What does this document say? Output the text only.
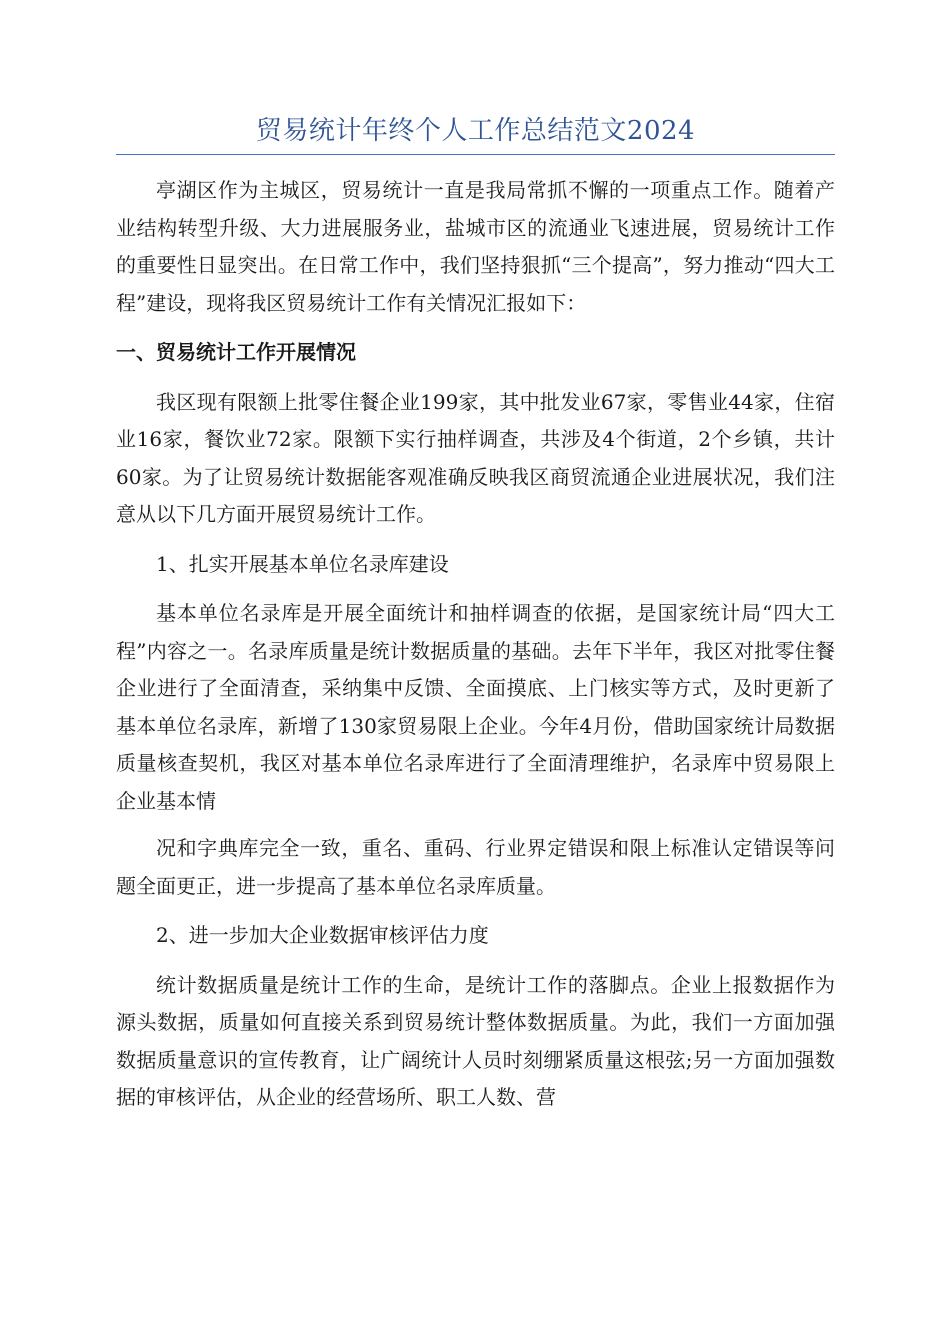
贸易统计年终个人工作总结范文2024

亭湖区作为主城区，贸易统计一直是我局常抓不懈的一项重点工作。随着产业结构转型升级、大力进展服务业，盐城市区的流通业飞速进展，贸易统计工作的重要性日显突出。在日常工作中，我们坚持狠抓“三个提高”，努力推动“四大工程”建设，现将我区贸易统计工作有关情况汇报如下：

一、贸易统计工作开展情况

我区现有限额上批零住餐企业199家，其中批发业67家，零售业44家，住宿业16家，餐饮业72家。限额下实行抽样调查，共涉及4个街道，2个乡镇，共计60家。为了让贸易统计数据能客观准确反映我区商贸流通企业进展状况，我们注意从以下几方面开展贸易统计工作。

1、扎实开展基本单位名录库建设

基本单位名录库是开展全面统计和抽样调查的依据，是国家统计局“四大工程”内容之一。名录库质量是统计数据质量的基础。去年下半年，我区对批零住餐企业进行了全面清查，采纳集中反馈、全面摸底、上门核实等方式，及时更新了基本单位名录库，新增了130家贸易限上企业。今年4月份，借助国家统计局数据质量核查契机，我区对基本单位名录库进行了全面清理维护，名录库中贸易限上企业基本情

况和字典库完全一致，重名、重码、行业界定错误和限上标准认定错误等问题全面更正，进一步提高了基本单位名录库质量。

2、进一步加大企业数据审核评估力度

统计数据质量是统计工作的生命，是统计工作的落脚点。企业上报数据作为源头数据，质量如何直接关系到贸易统计整体数据质量。为此，我们一方面加强数据质量意识的宣传教育，让广阔统计人员时刻绷紧质量这根弦;另一方面加强数据的审核评估，从企业的经营场所、职工人数、营
